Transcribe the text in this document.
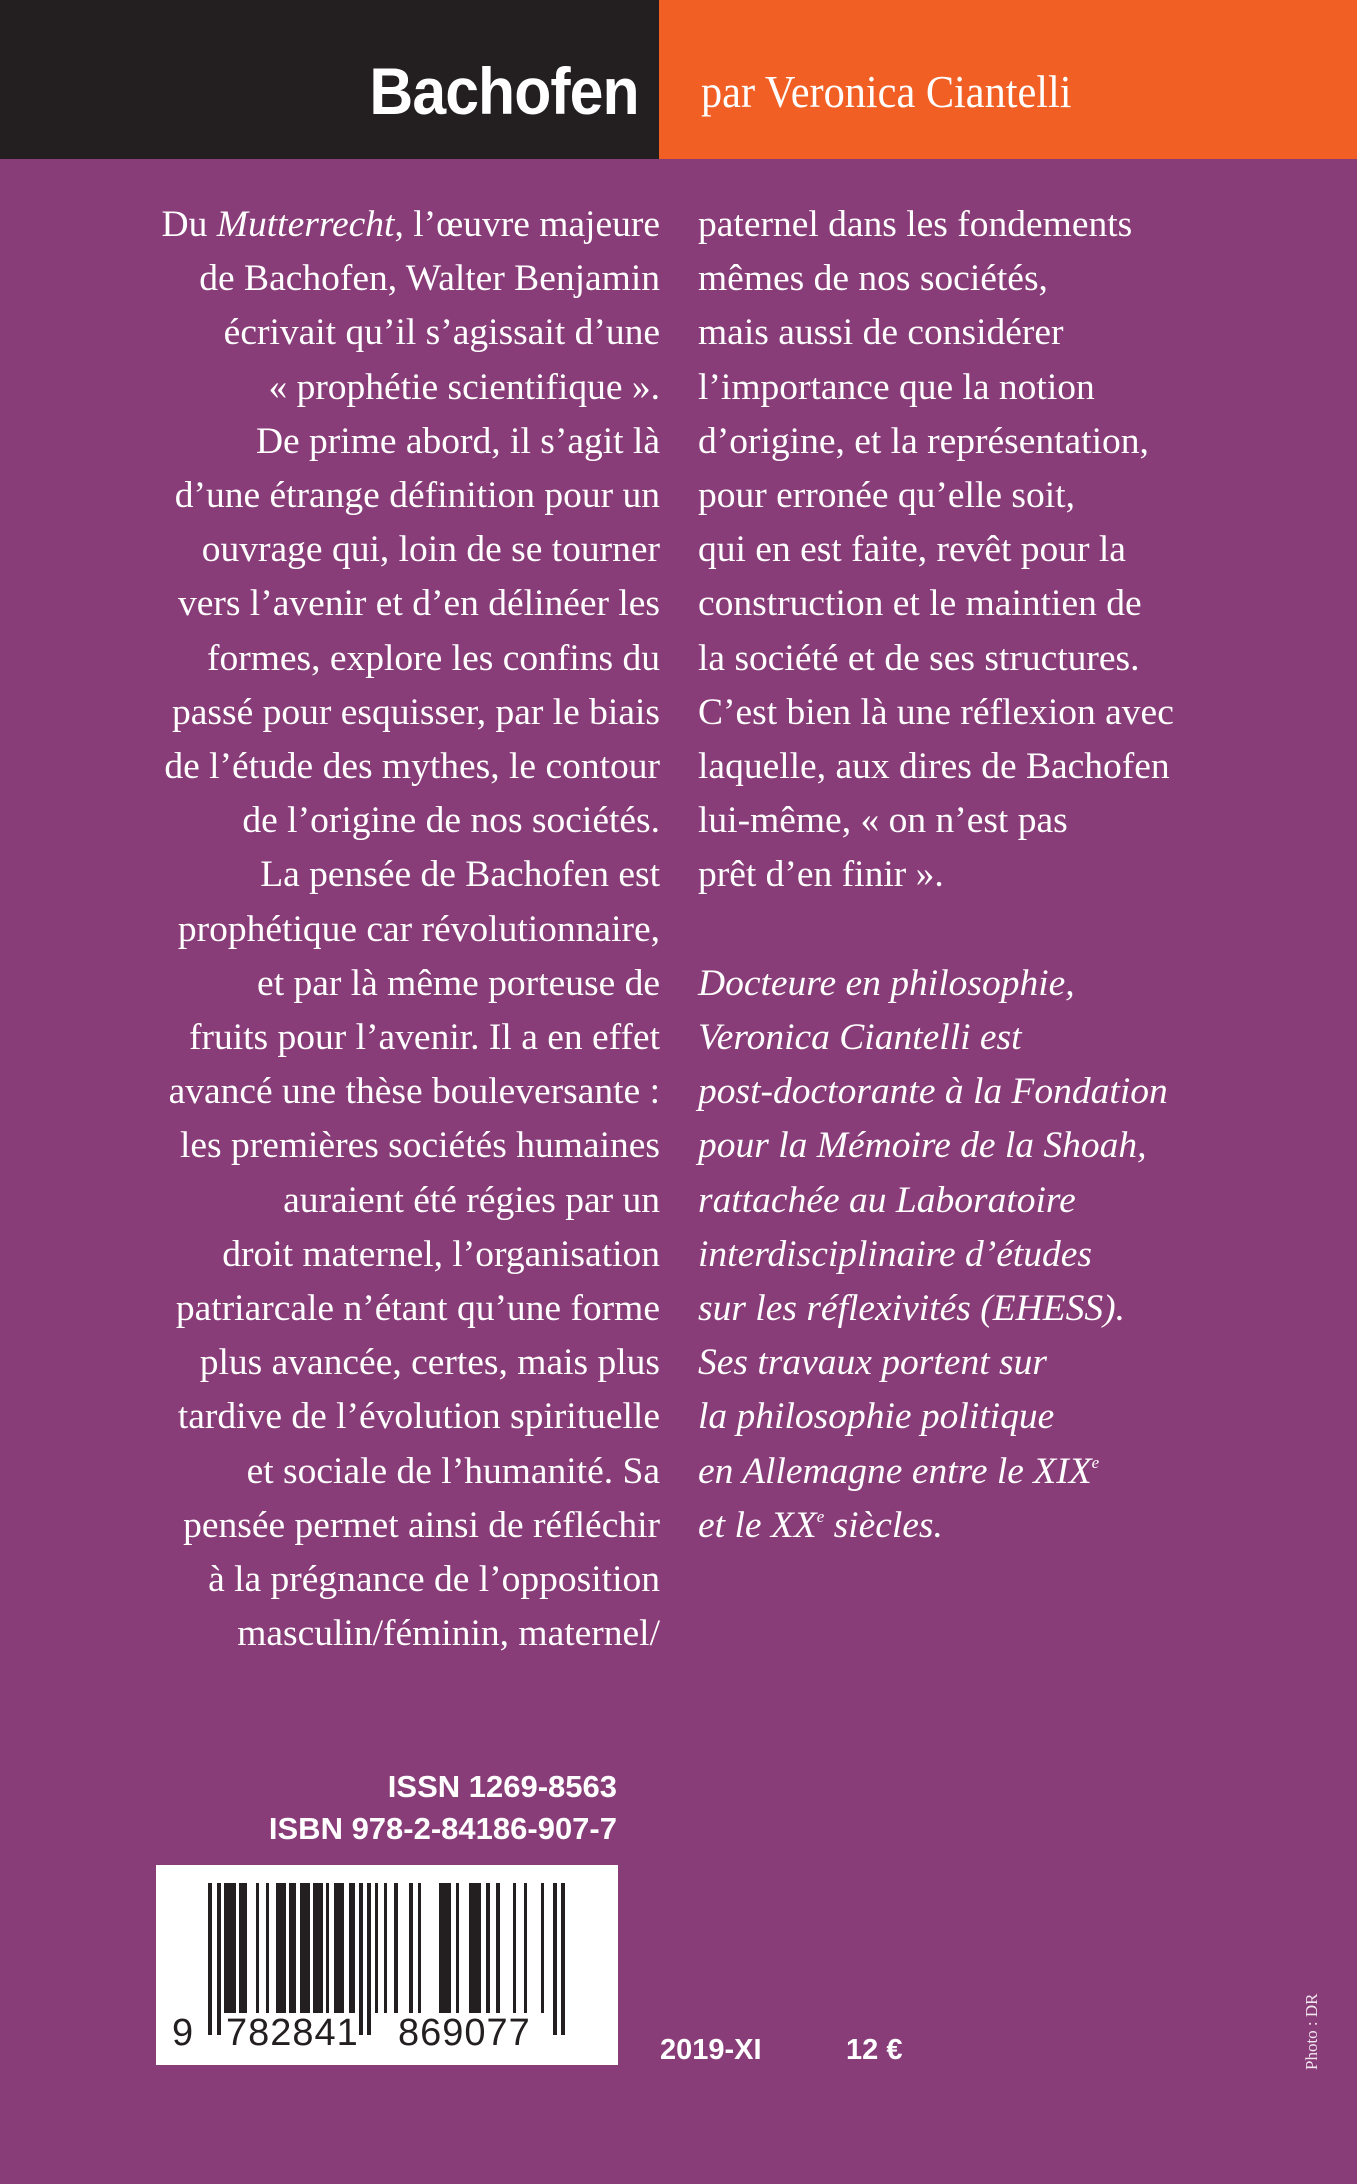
Bachofen par Veronica Ciantelli
Du Mutterrecht, l’œuvre majeure
de Bachofen, Walter Benjamin
écrivait qu’il s’agissait d’une
« prophétie scientifique ».
De prime abord, il s’agit là
d’une étrange définition pour un
ouvrage qui, loin de se tourner
vers l’avenir et d’en délinéer les
formes, explore les confins du
passé pour esquisser, par le biais
de l’étude des mythes, le contour
de l’origine de nos sociétés.
La pensée de Bachofen est
prophétique car révolutionnaire,
et par là même porteuse de
fruits pour l’avenir. Il a en effet
avancé une thèse bouleversante :
les premières sociétés humaines
auraient été régies par un
droit maternel, l’organisation
patriarcale n’étant qu’une forme
plus avancée, certes, mais plus
tardive de l’évolution spirituelle
et sociale de l’humanité. Sa
pensée permet ainsi de réfléchir
à la prégnance de l’opposition
masculin/féminin, maternel/
paternel dans les fondements
mêmes de nos sociétés,
mais aussi de considérer
l’importance que la notion
d’origine, et la représentation,
pour erronée qu’elle soit,
qui en est faite, revêt pour la
construction et le maintien de
la société et de ses structures.
C’est bien là une réflexion avec
laquelle, aux dires de Bachofen
lui-même, « on n’est pas
prêt d’en finir ».
Docteure en philosophie,
Veronica Ciantelli est
post-doctorante à la Fondation
pour la Mémoire de la Shoah,
rattachée au Laboratoire
interdisciplinaire d’études
sur les réflexivités (EHESS).
Ses travaux portent sur
la philosophie politique
en Allemagne entre le XIXe
et le XXe siècles.
ISSN 1269-8563
ISBN 978-2-84186-907-7
9 782841 869077	2019-XI	12 €	Photo : DR
